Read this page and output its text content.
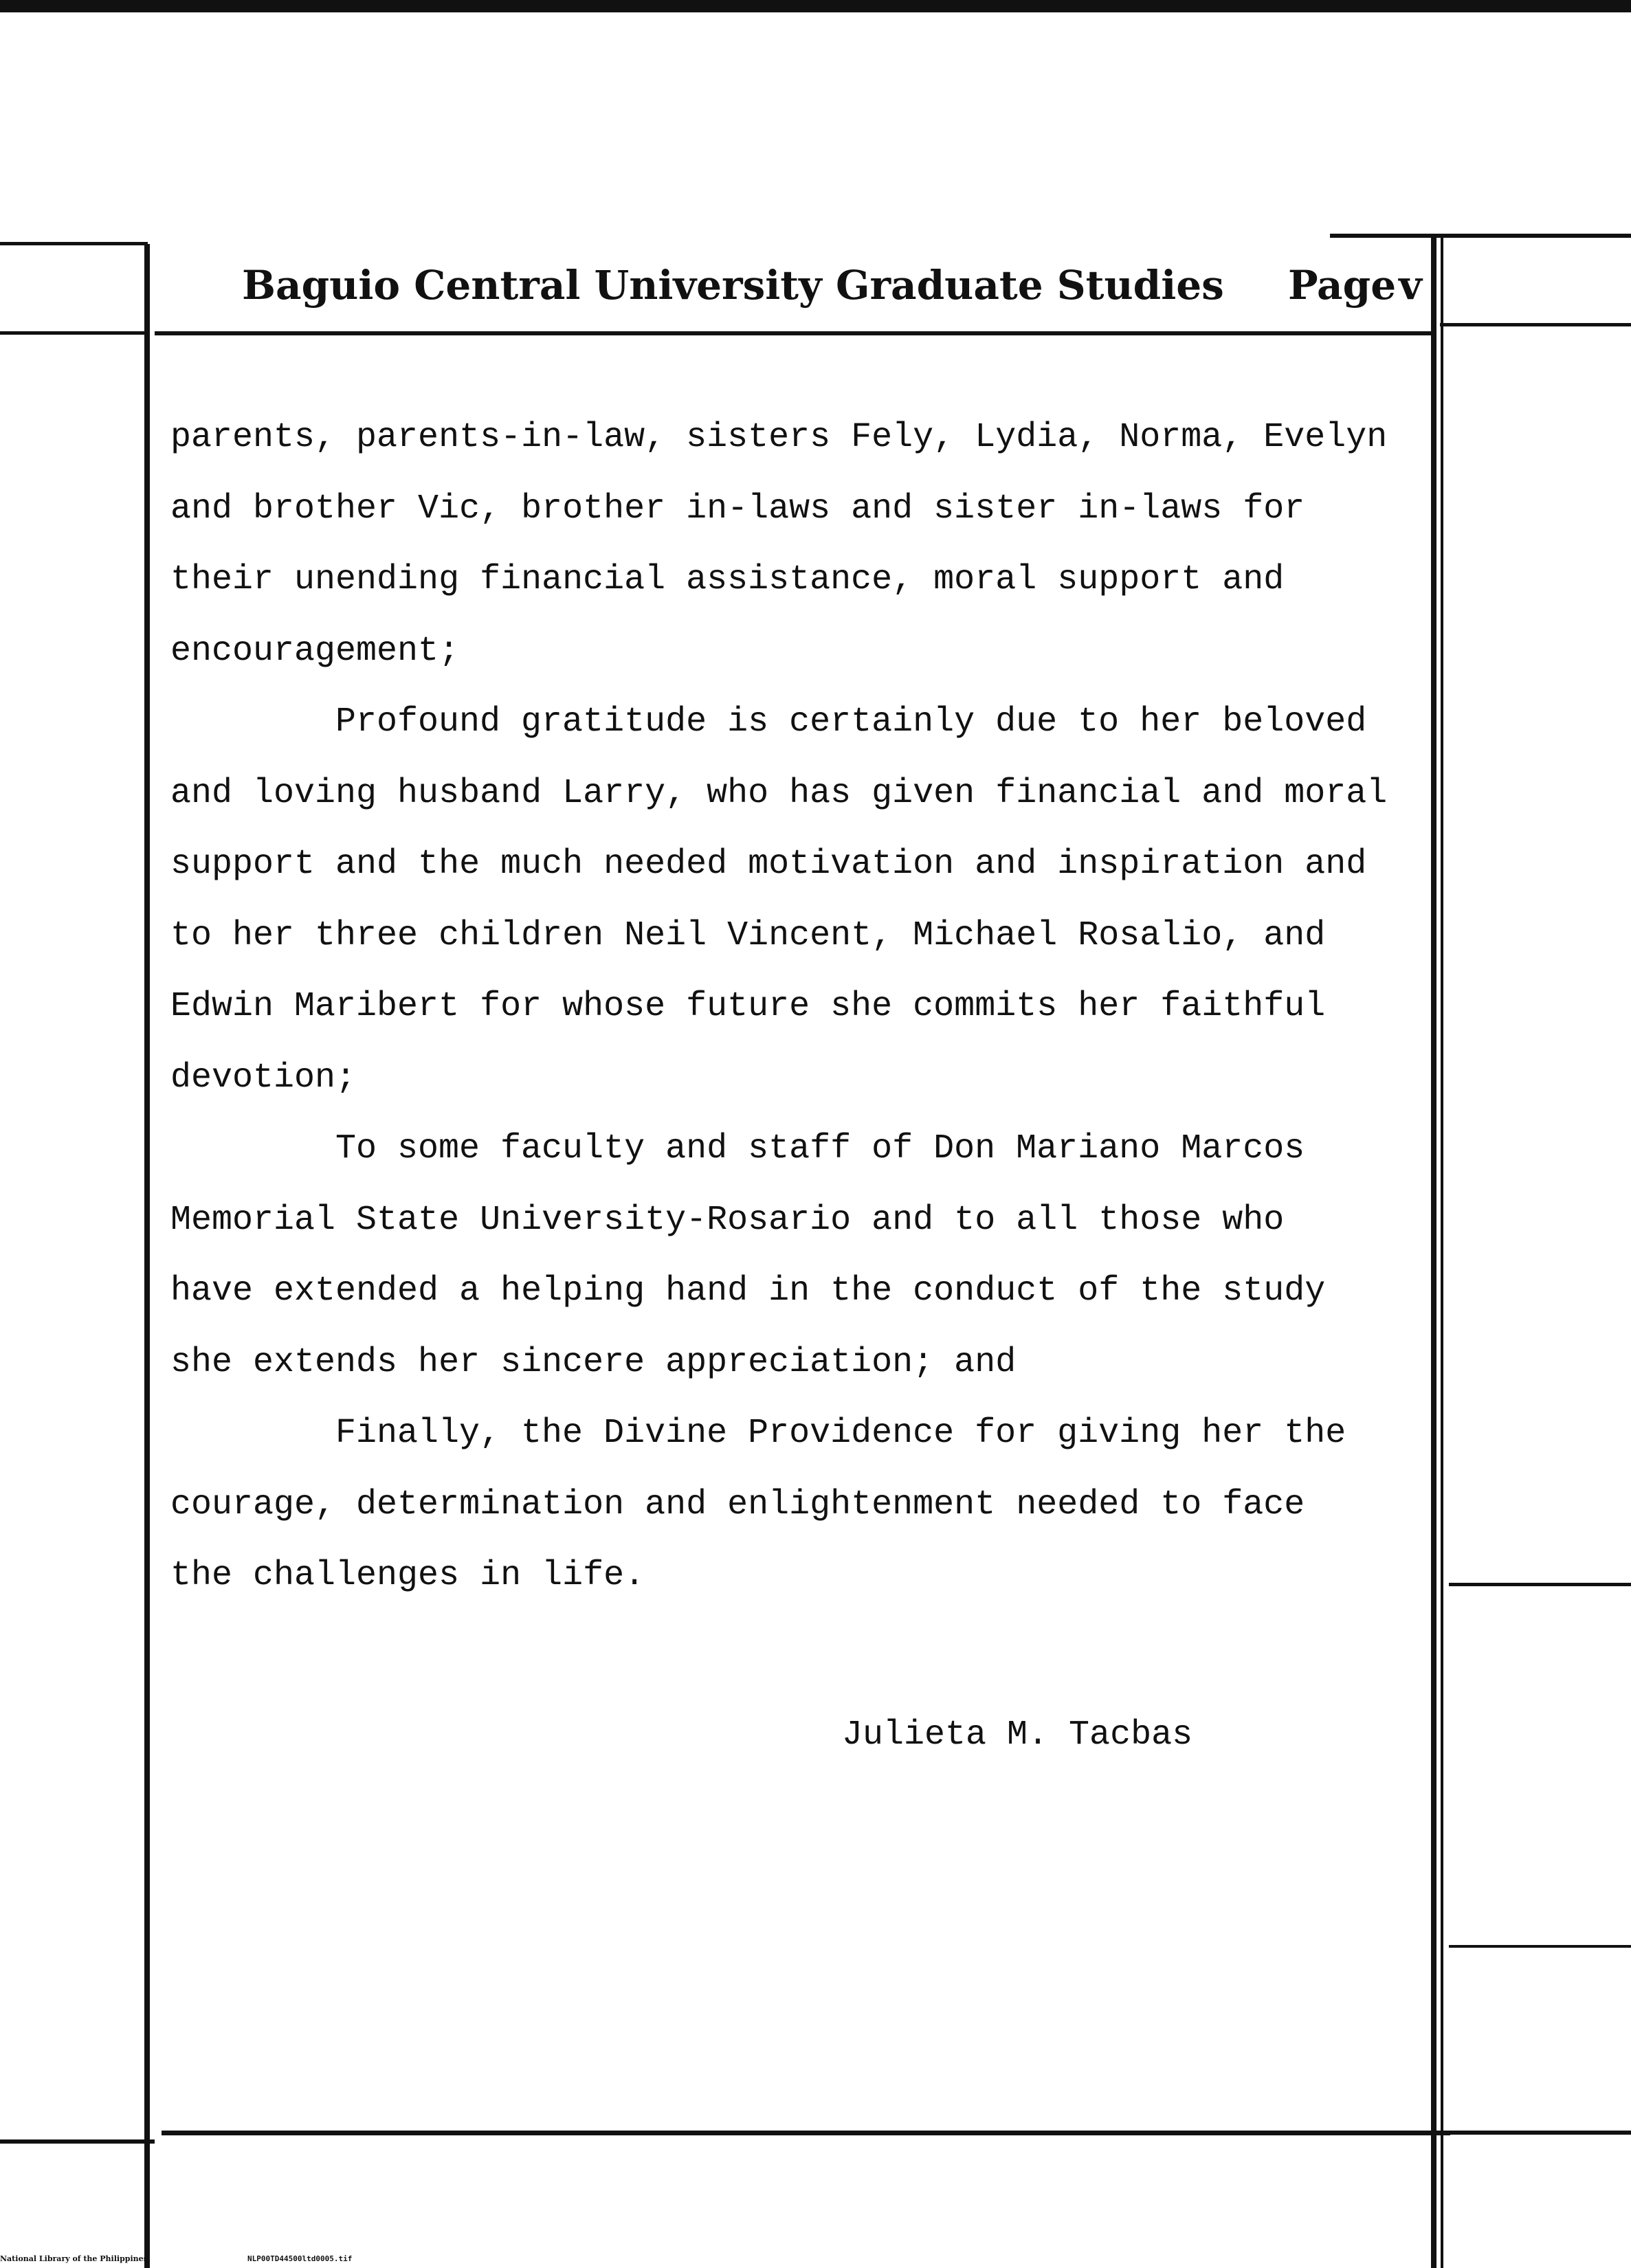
Baguio Central University Graduate Studies Pagev

parents, parents-in-law, sisters Fely, Lydia, Norma, Evelyn

and brother Vic, brother in-laws and sister in-laws for

their unending financial assistance, moral support and

encouragement;

Profound gratitude is certainly due to her beloved

and loving husband Larry, who has given financial and moral

support and the much needed motivation and inspiration and

to her three children Neil Vincent, Michael Rosalio, and

Edwin Maribert for whose future she commits her faithful

devotion;

To some faculty and staff of Don Mariano Marcos

Memorial State University-Rosario and to all those who

have extended a helping hand in the conduct of the study

she extends her sincere appreciation; and

Finally, the Divine Providence for giving her the

courage, determination and enlightenment needed to face

the challenges in life.

Julieta M. Tacbas
National Library of the Philippines	NLP00TD44500ltd0005.tif
